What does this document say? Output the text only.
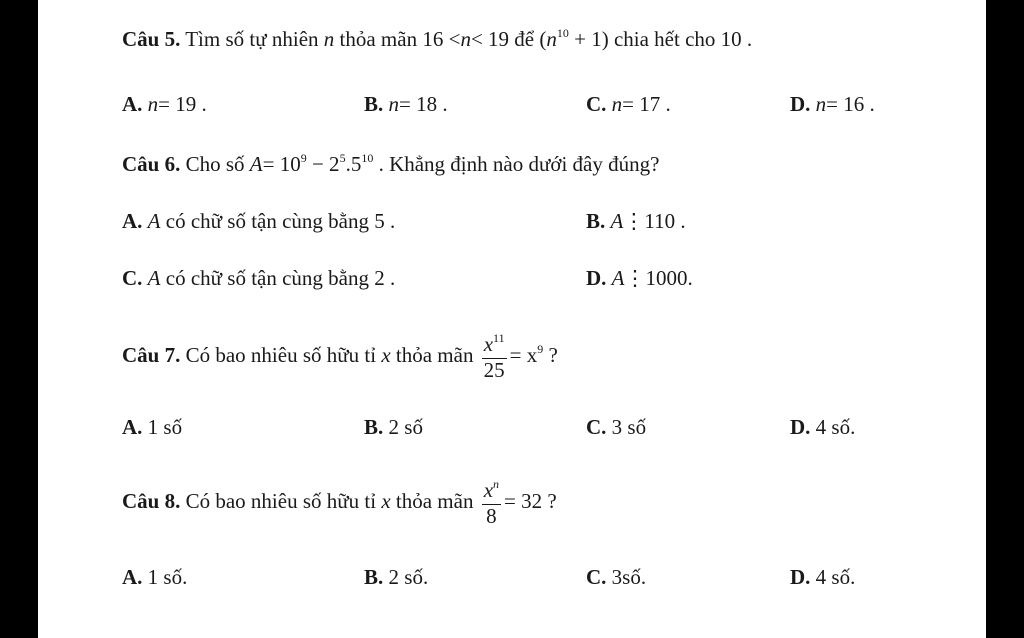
Câu 5. Tìm số tự nhiên n thỏa mãn 16 <n< 19 để $(n^{10} + 1)$ chia hết cho 10 .
A. n= 19 .	B. n= 18 .	C. n= 17 .	D. n= 16 .
Câu 6. Cho số $A= 10^9 - 2^5.5^{10}$ . Khẳng định nào dưới đây đúng?
A. A có chữ số tận cùng bằng 5 .	B. A⋮110 .
C. A có chữ số tận cùng bằng 2 .	D. A⋮1000.
Câu 7. Có bao nhiêu số hữu tỉ x thỏa mãn $\frac{x^{11}}{25} = x^9$ ?
A. 1 số	B. 2 số	C. 3 số	D. 4 số.
Câu 8. Có bao nhiêu số hữu tỉ x thỏa mãn $\frac{x^n}{8} = 32$ ?
A. 1 số.	B. 2 số.	C. 3số.	D. 4 số.
